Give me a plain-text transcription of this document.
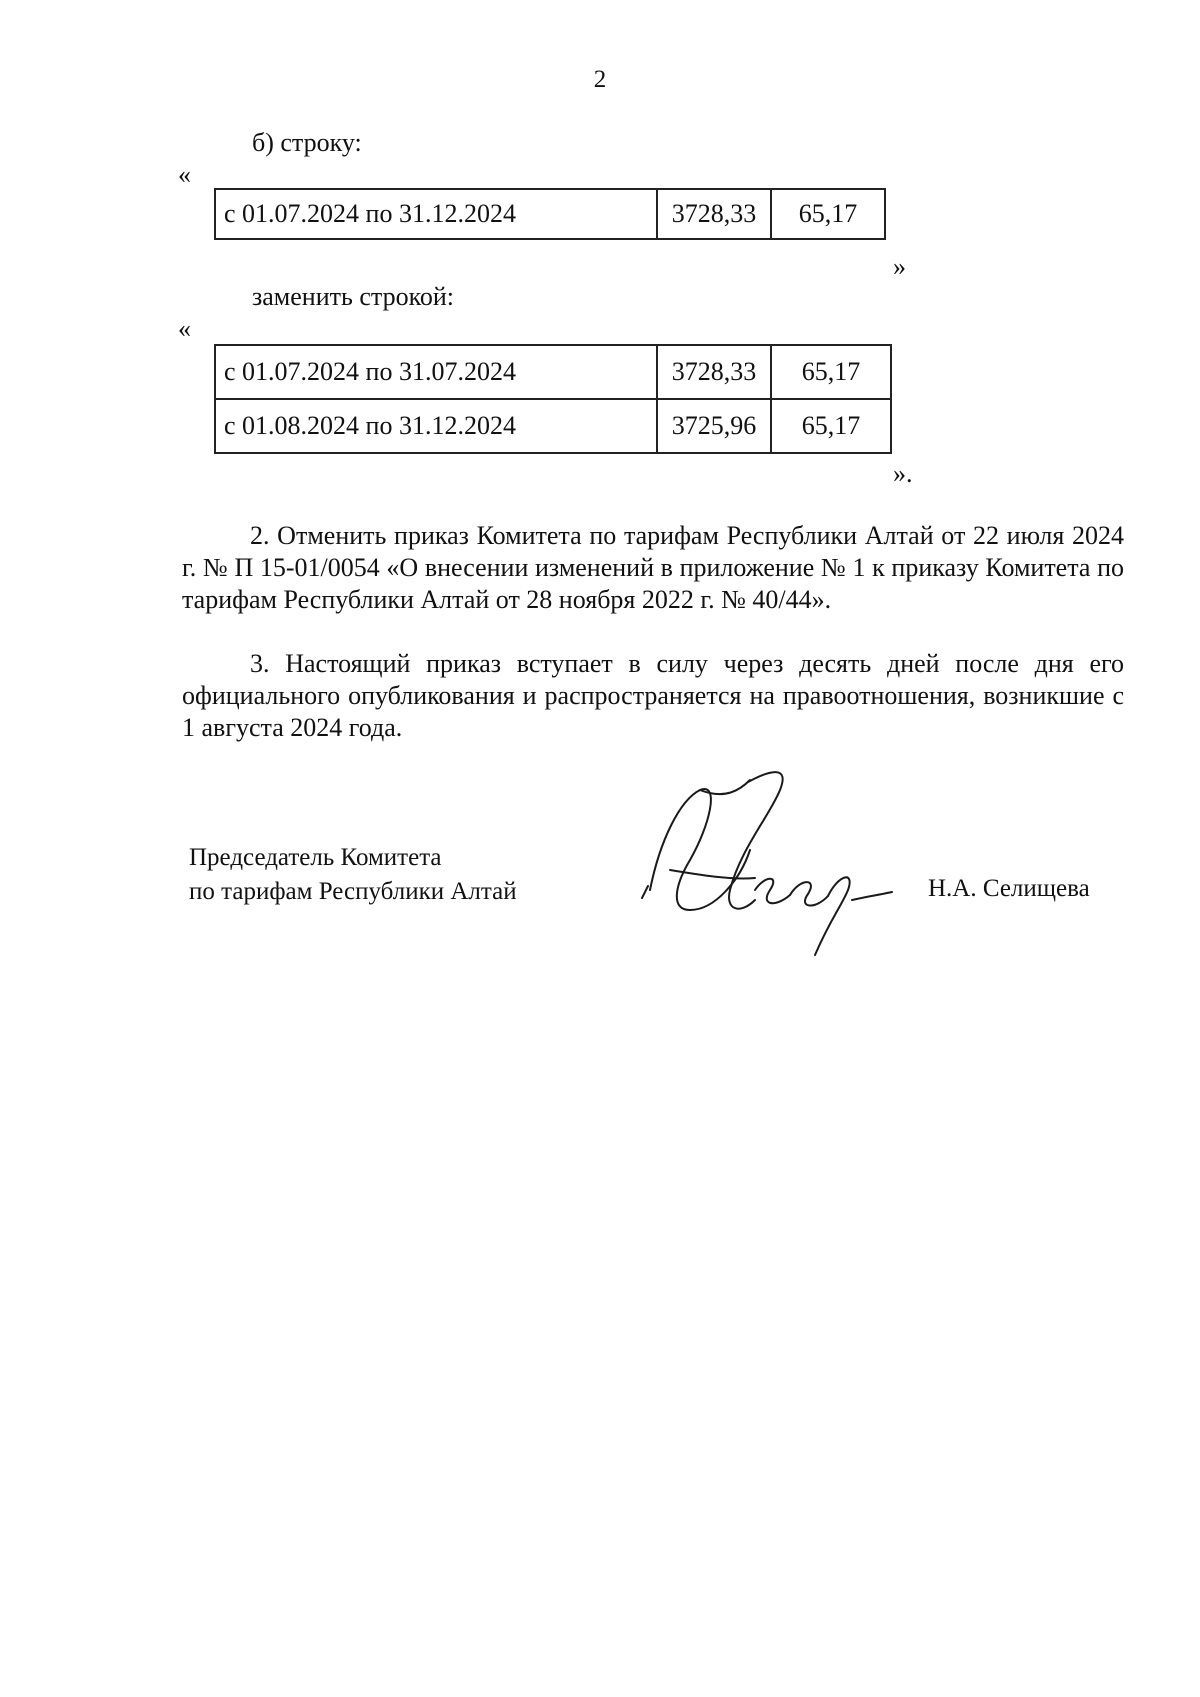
2
б) строку:
«
с 01.07.2024 по 31.12.2024	3728,33	65,17
»
заменить строкой:
«
с 01.07.2024 по 31.07.2024	3728,33	65,17
с 01.08.2024 по 31.12.2024	3725,96	65,17
».

2. Отменить приказ Комитета по тарифам Республики Алтай от 22 июля 2024 г. № П 15-01/0054 «О внесении изменений в приложение № 1 к приказу Комитета по тарифам Республики Алтай от 28 ноября 2022 г. № 40/44».

3. Настоящий приказ вступает в силу через десять дней после дня его официального опубликования и распространяется на правоотношения, возникшие с 1 августа 2024 года.

Председатель Комитета
по тарифам Республики Алтай	Н.А. Селищева
